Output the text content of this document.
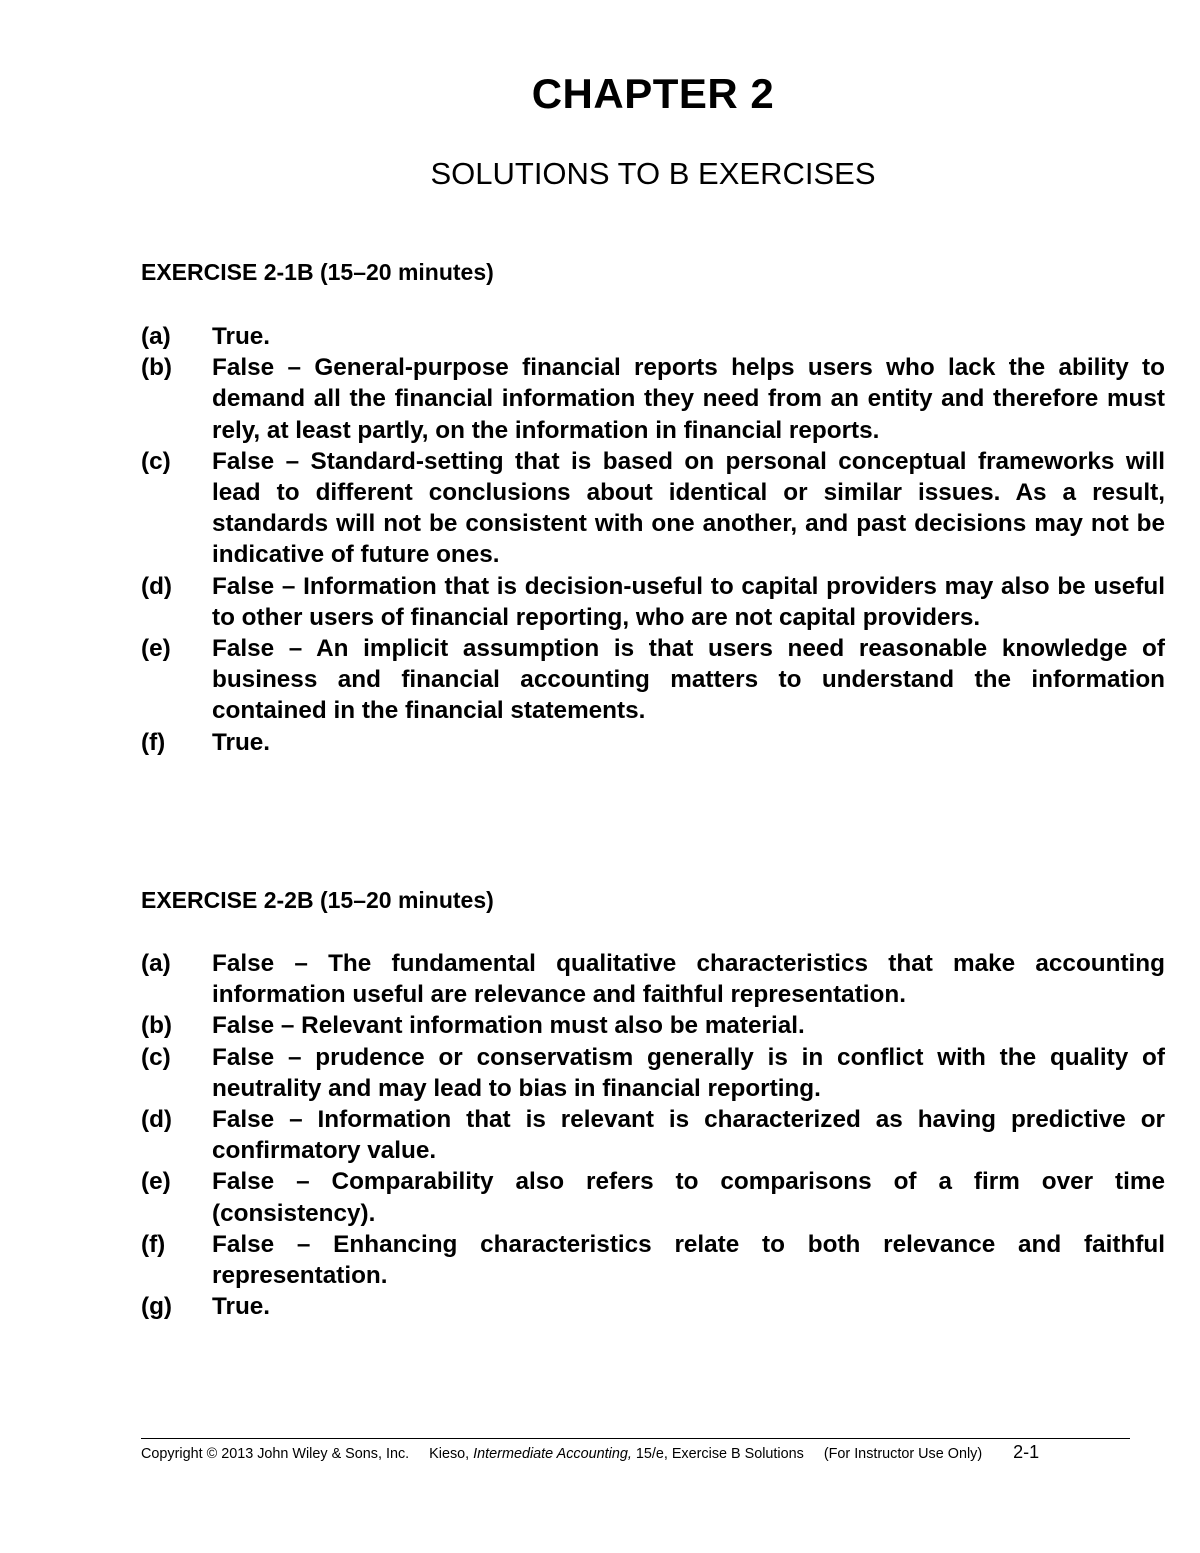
CHAPTER 2
SOLUTIONS TO B EXERCISES
EXERCISE 2-1B (15–20 minutes)
(a)	True.
(b)	False – General-purpose financial reports helps users who lack the ability to demand all the financial information they need from an entity and therefore must rely, at least partly, on the information in financial reports.
(c)	False – Standard-setting that is based on personal conceptual frameworks will lead to different conclusions about identical or similar issues. As a result, standards will not be consistent with one another, and past decisions may not be indicative of future ones.
(d)	False – Information that is decision-useful to capital providers may also be useful to other users of financial reporting, who are not capital providers.
(e)	False – An implicit assumption is that users need reasonable knowledge of business and financial accounting matters to understand the information contained in the financial statements.
(f)	True.
EXERCISE 2-2B (15–20 minutes)
(a)	False – The fundamental qualitative characteristics that make accounting information useful are relevance and faithful representation.
(b)	False – Relevant information must also be material.
(c)	False – prudence or conservatism generally is in conflict with the quality of neutrality and may lead to bias in financial reporting.
(d)	False – Information that is relevant is characterized as having predictive or confirmatory value.
(e)	False – Comparability also refers to comparisons of a firm over time (consistency).
(f)	False – Enhancing characteristics relate to both relevance and faithful representation.
(g)	True.
Copyright © 2013 John Wiley & Sons, Inc. Kieso, Intermediate Accounting, 15/e, Exercise B Solutions (For Instructor Use Only) 2-1
